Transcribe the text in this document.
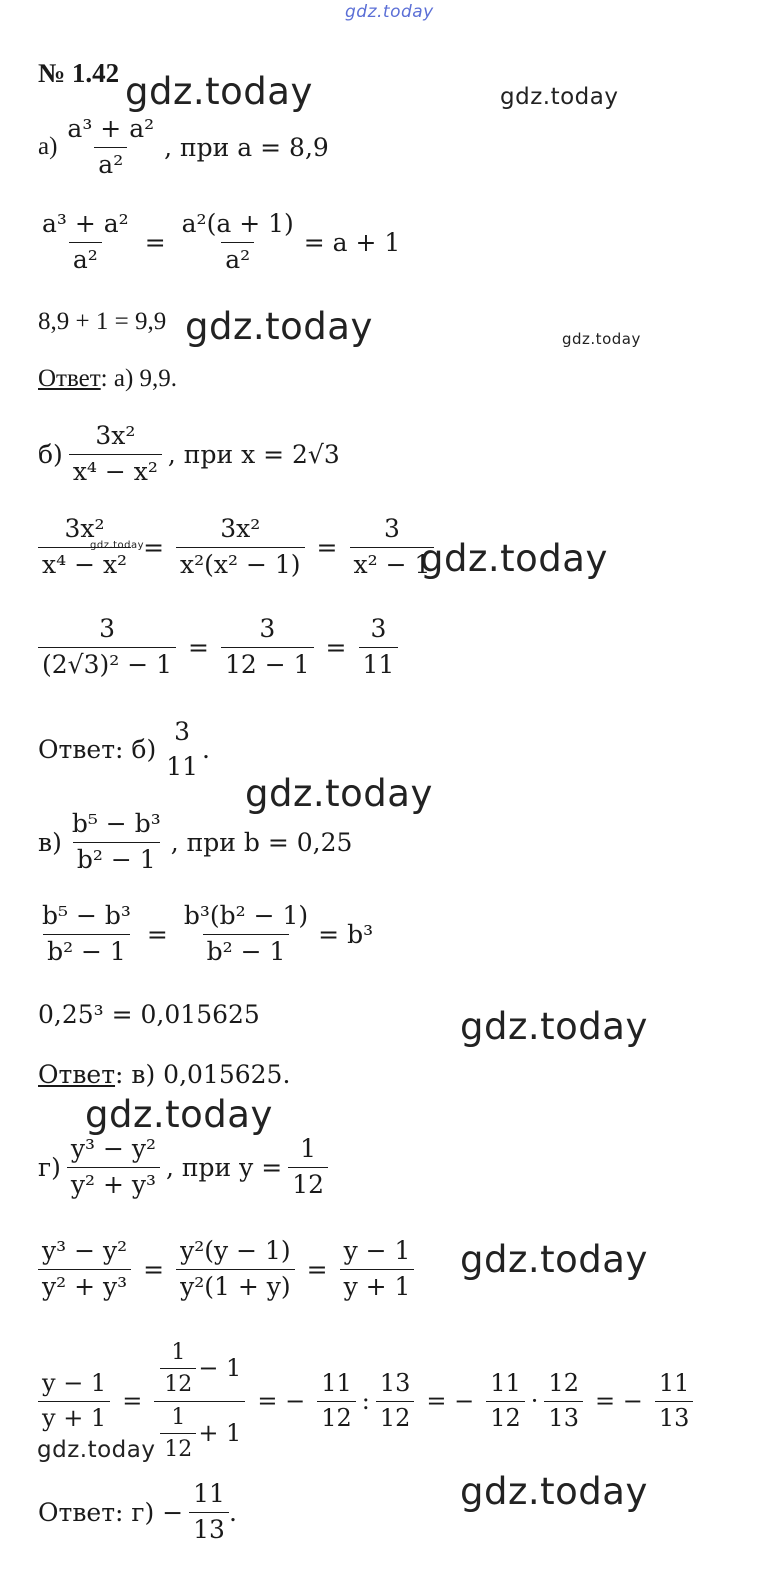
gdz.today
gdz.today	gdz.today
gdz.today	gdz.today
gdz.today	gdz.today
gdz.today
gdz.today
gdz.today
gdz.today
gdz.today
gdz.today
№ 1.42
$а) \frac{\text{a³ + a²}}{\text{a²}}$ , при a = 8,9
$\frac{\text{a³ + a²}}{\text{a²}} = \frac{\text{a²(a + 1)}}{\text{a²}} = a + 1$
8,9 + 1 = 9,9
Ответ: а) 9,9.
$б) \frac{\text{3x²}}{\text{x⁴ − x²}}$ , при x = 2√3
$\frac{\text{3x²}}{\text{x⁴ − x²}} = \frac{\text{3x²}}{\text{x²(x² − 1)}} = \frac{3}{\text{x² − 1}}$
$\frac{3}{\text{(2√3)² − 1}} = \frac{3}{12 - 1} = \frac{3}{11}$
Ответ: б)
3
11
.
$в) \frac{\text{b⁵ − b³}}{\text{b² − 1}}$ , при b = 0,25
$\frac{\text{b⁵ − b³}}{\text{b² − 1}} = \frac{\text{b³(b² − 1)}}{\text{b² − 1}} = b^3$
0,25³ = 0,015625
Ответ: в) 0,015625.
$г) \frac{\text{y³ − y²}}{\text{y² + y³}}$ , при $y = \frac{1}{12}$
$\frac{\text{y³ − y²}}{\text{y² + y³}} = \frac{\text{y²(y − 1)}}{\text{y²(1 + y)}} = \frac{y - 1}{y + 1}$
$\frac{y - 1}{y + 1} = \frac{\frac{1}{12} - 1}{\frac{1}{12} + 1}$ = − $\frac{11}{12}$ : $\frac{13}{12}$ = − $\frac{11}{12} \cdot \frac{12}{13}$ = − $\frac{11}{13}$
Ответ: $г) - \frac{11}{13}$ .
